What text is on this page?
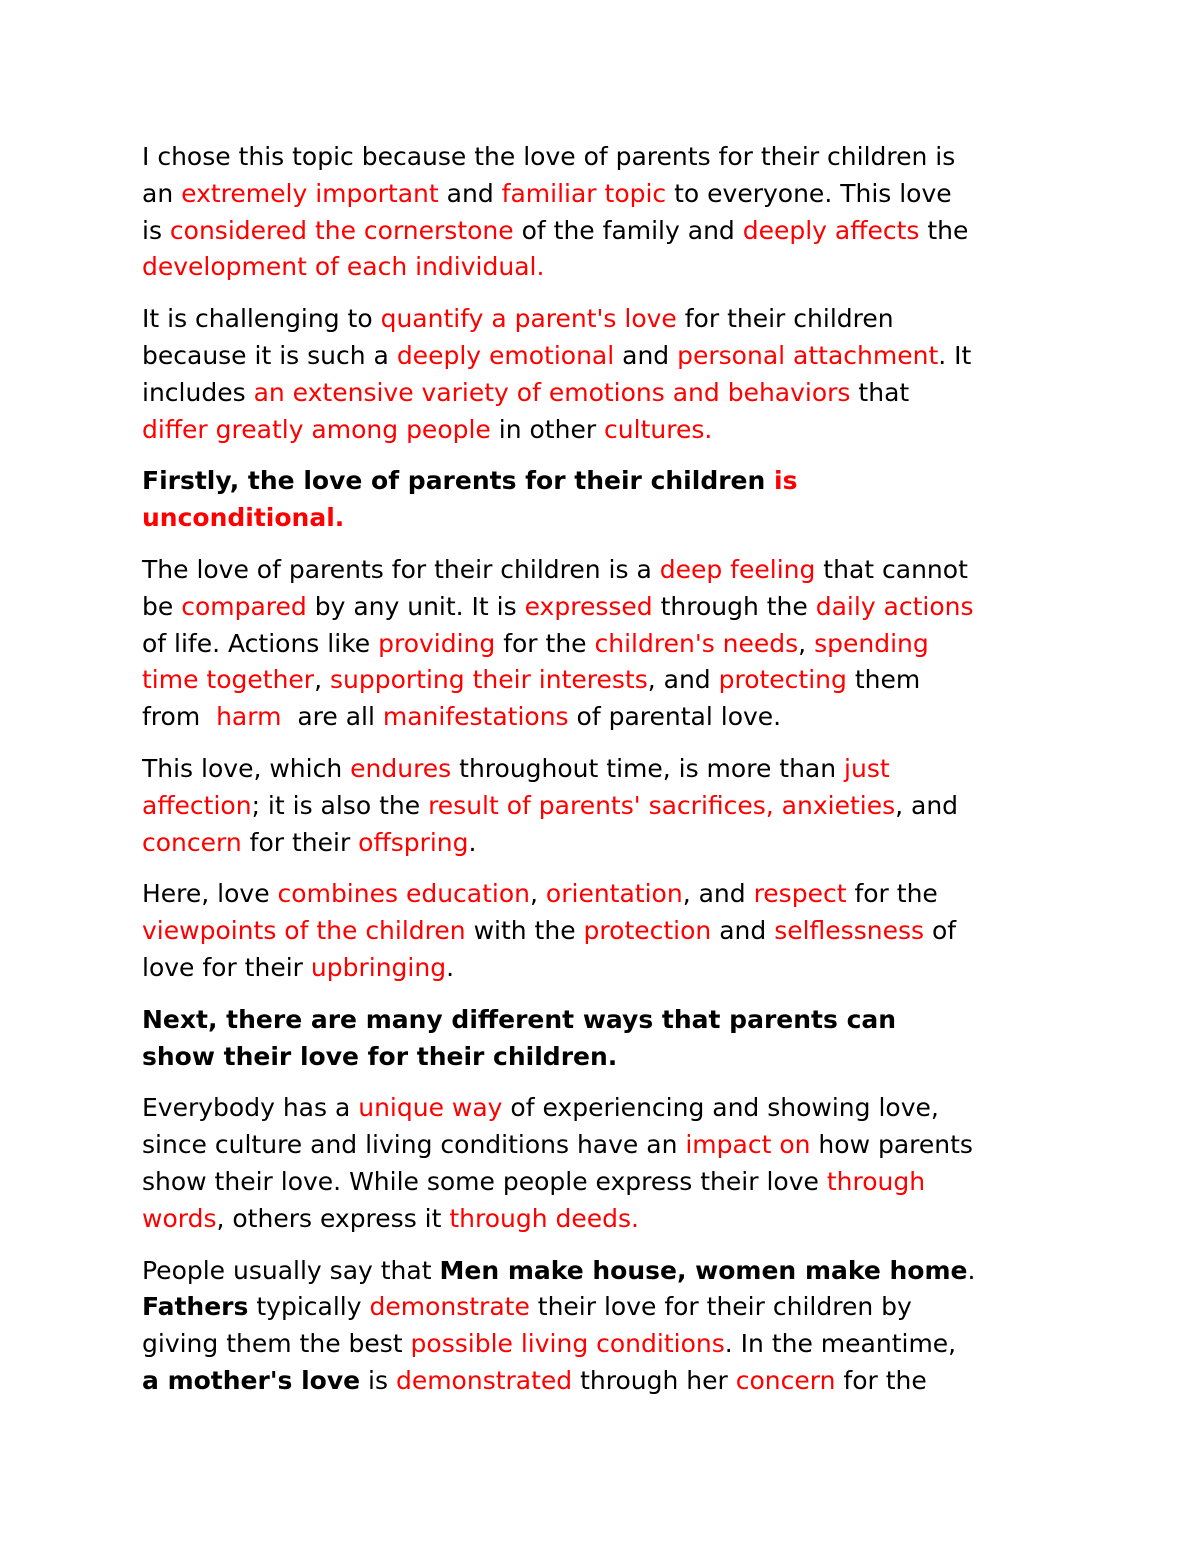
I chose this topic because the love of parents for their children is
an extremely important and familiar topic to everyone. This love
is considered the cornerstone of the family and deeply affects the
development of each individual.
It is challenging to quantify a parent's love for their children
because it is such a deeply emotional and personal attachment. It
includes an extensive variety of emotions and behaviors that
differ greatly among people in other cultures.
Firstly, the love of parents for their children is
unconditional.
The love of parents for their children is a deep feeling that cannot
be compared by any unit. It is expressed through the daily actions
of life. Actions like providing for the children's needs, spending
time together, supporting their interests, and protecting them
from  harm  are all manifestations of parental love.
This love, which endures throughout time, is more than just
affection; it is also the result of parents' sacrifices, anxieties, and
concern for their offspring.
Here, love combines education, orientation, and respect for the
viewpoints of the children with the protection and selflessness of
love for their upbringing.
Next, there are many different ways that parents can
show their love for their children.
Everybody has a unique way of experiencing and showing love,
since culture and living conditions have an impact on how parents
show their love. While some people express their love through
words, others express it through deeds.
People usually say that Men make house, women make home.
Fathers typically demonstrate their love for their children by
giving them the best possible living conditions. In the meantime,
a mother's love is demonstrated through her concern for the
